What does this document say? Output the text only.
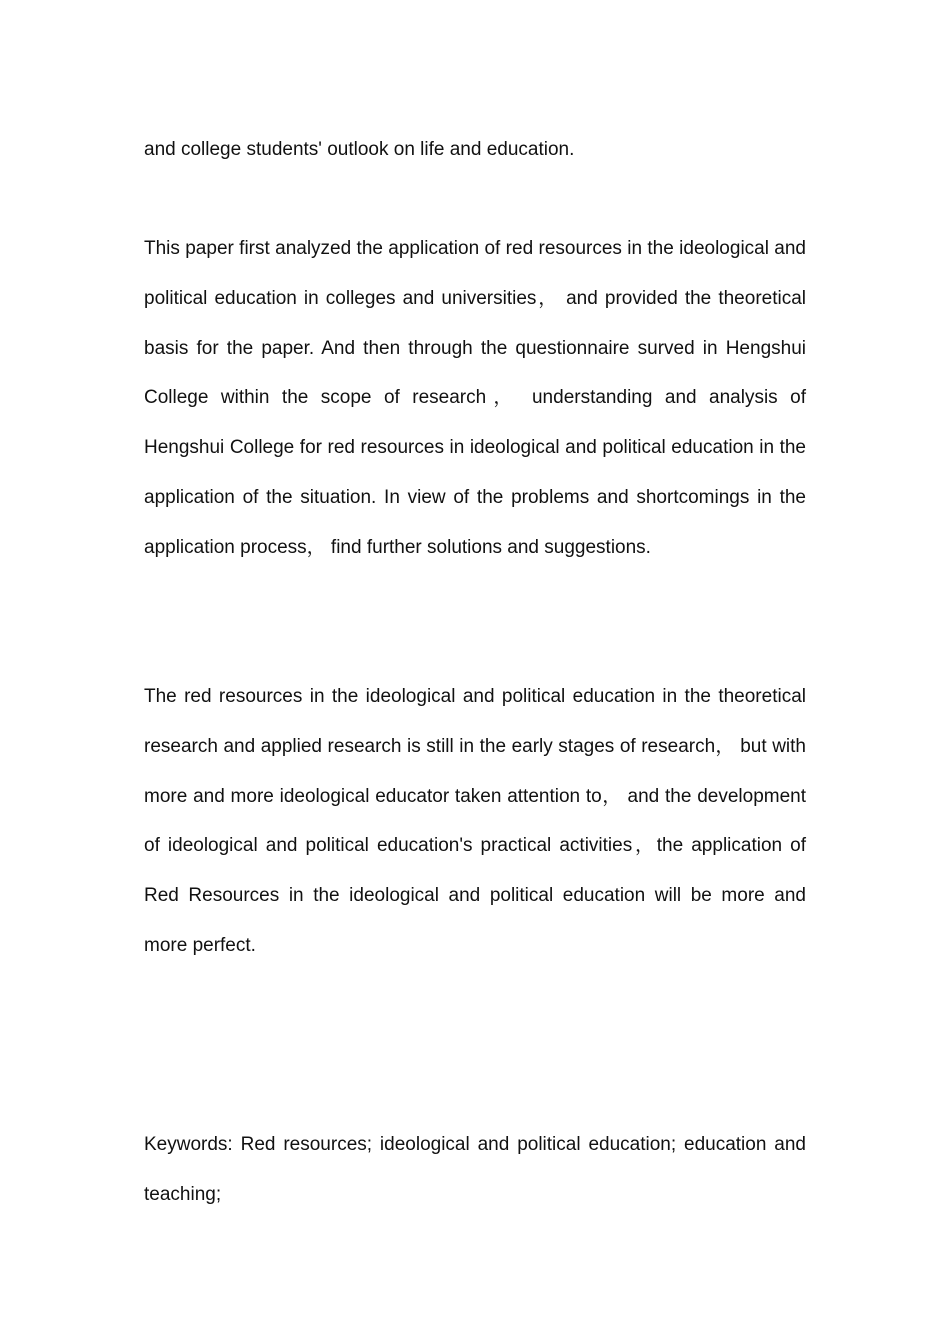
and college students' outlook on life and education.

This paper first analyzed the application of red resources in the ideological and political education in colleges and universities， and provided the theoretical basis for the paper. And then through the questionnaire surved in Hengshui College within the scope of research， understanding and analysis of Hengshui College for red resources in ideological and political education in the application of the situation. In view of the problems and shortcomings in the application process， find further solutions and suggestions.

The red resources in the ideological and political education in the theoretical research and applied research is still in the early stages of research， but with more and more ideological educator taken attention to， and the development of ideological and political education's practical activities，the application of Red Resources in the ideological and political education will be more and more perfect.

Keywords: Red resources; ideological and political education; education and teaching;
